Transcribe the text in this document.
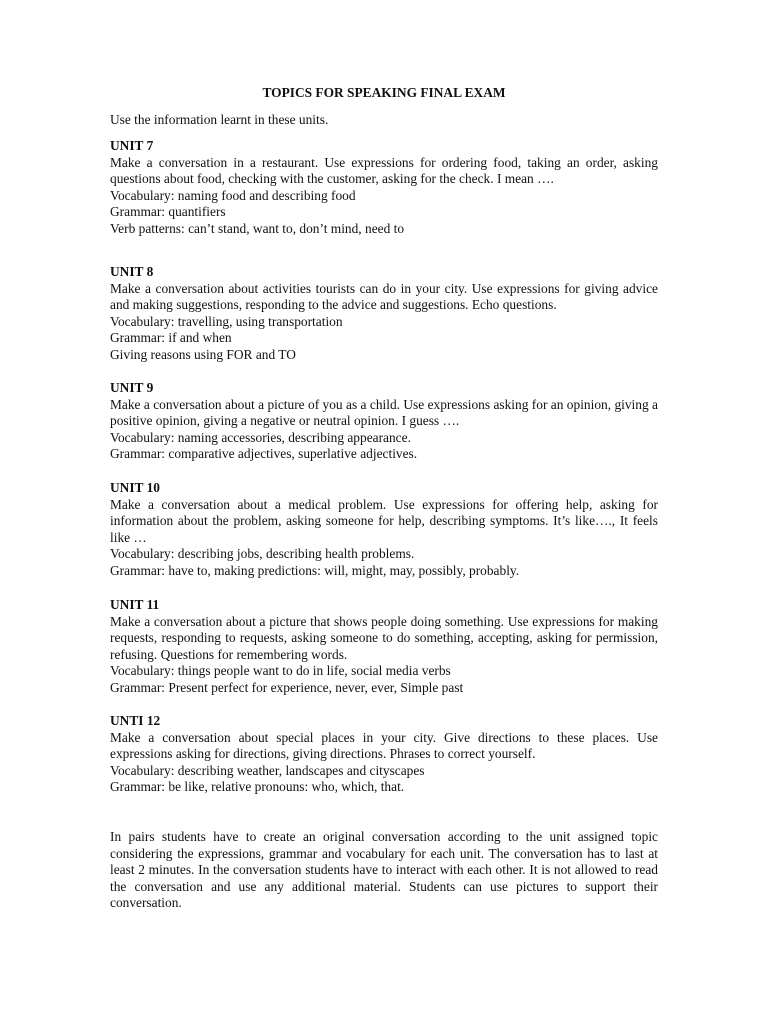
TOPICS FOR SPEAKING FINAL EXAM
Use the information learnt in these units.
UNIT 7
Make a conversation in a restaurant. Use expressions for ordering food, taking an order, asking questions about food, checking with the customer, asking for the check. I mean ….
Vocabulary: naming food and describing food
Grammar: quantifiers
Verb patterns: can’t stand, want to, don’t mind, need to
UNIT 8
Make a conversation about activities tourists can do in your city. Use expressions for giving advice and making suggestions, responding to the advice and suggestions. Echo questions.
Vocabulary: travelling, using transportation
Grammar: if and when
Giving reasons using FOR and TO
UNIT 9
Make a conversation about a picture of you as a child. Use expressions asking for an opinion, giving a positive opinion, giving a negative or neutral opinion. I guess ….
Vocabulary: naming accessories, describing appearance.
Grammar: comparative adjectives, superlative adjectives.
UNIT 10
Make a conversation about a medical problem. Use expressions for offering help, asking for information about the problem, asking someone for help, describing symptoms. It’s like…., It feels like …
Vocabulary: describing jobs, describing health problems.
Grammar: have to, making predictions: will, might, may, possibly, probably.
UNIT 11
Make a conversation about a picture that shows people doing something. Use expressions for making requests, responding to requests, asking someone to do something, accepting, asking for permission, refusing. Questions for remembering words.
Vocabulary: things people want to do in life, social media verbs
Grammar: Present perfect for experience, never, ever, Simple past
UNTI 12
Make a conversation about special places in your city. Give directions to these places. Use expressions asking for directions, giving directions. Phrases to correct yourself.
Vocabulary: describing weather, landscapes and cityscapes
Grammar: be like, relative pronouns: who, which, that.
In pairs students have to create an original conversation according to the unit assigned topic considering the expressions, grammar and vocabulary for each unit. The conversation has to last at least 2 minutes. In the conversation students have to interact with each other. It is not allowed to read the conversation and use any additional material. Students can use pictures to support their conversation.
